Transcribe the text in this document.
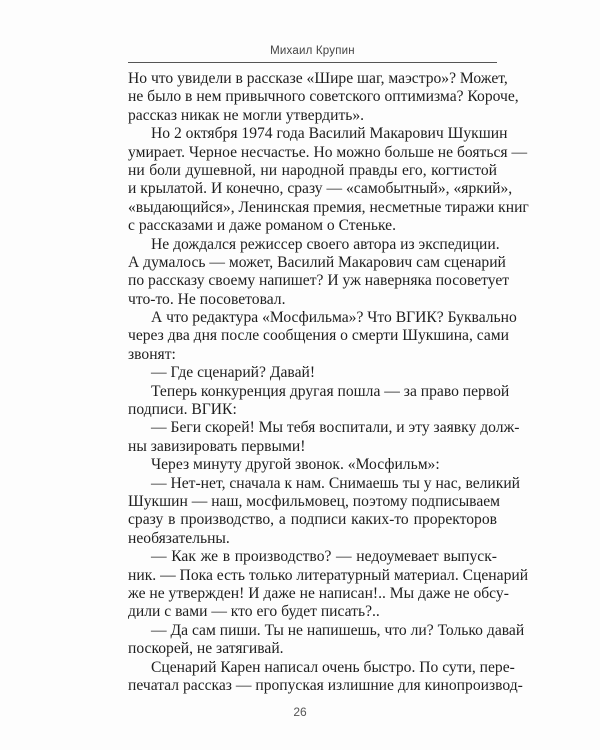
Михаил Крупин
Но что увидели в рассказе «Шире шаг, маэстро»? Может,
не было в нем привычного советского оптимизма? Короче,
рассказ никак не могли утвердить».
Но 2 октября 1974 года Василий Макарович Шукшин
умирает. Черное несчастье. Но можно больше не бояться —
ни боли душевной, ни народной правды его, когтистой
и крылатой. И конечно, сразу — «самобытный», «яркий»,
«выдающийся», Ленинская премия, несметные тиражи книг
с рассказами и даже романом о Стеньке.
Не дождался режиссер своего автора из экспедиции.
А думалось — может, Василий Макарович сам сценарий
по рассказу своему напишет? И уж наверняка посоветует
что-то. Не посоветовал.
А что редактура «Мосфильма»? Что ВГИК? Буквально
через два дня после сообщения о смерти Шукшина, сами
звонят:
— Где сценарий? Давай!
Теперь конкуренция другая пошла — за право первой
подписи. ВГИК:
— Беги скорей! Мы тебя воспитали, и эту заявку долж-
ны завизировать первыми!
Через минуту другой звонок. «Мосфильм»:
— Нет-нет, сначала к нам. Снимаешь ты у нас, великий
Шукшин — наш, мосфильмовец, поэтому подписываем
сразу в производство, а подписи каких-то проректоров
необязательны.
— Как же в производство? — недоумевает выпуск-
ник. — Пока есть только литературный материал. Сценарий
же не утвержден! И даже не написан!.. Мы даже не обсу-
дили с вами — кто его будет писать?..
— Да сам пиши. Ты не напишешь, что ли? Только давай
поскорей, не затягивай.
Сценарий Карен написал очень быстро. По сути, пере-
печатал рассказ — пропуская излишние для кинопроизвод-
26
